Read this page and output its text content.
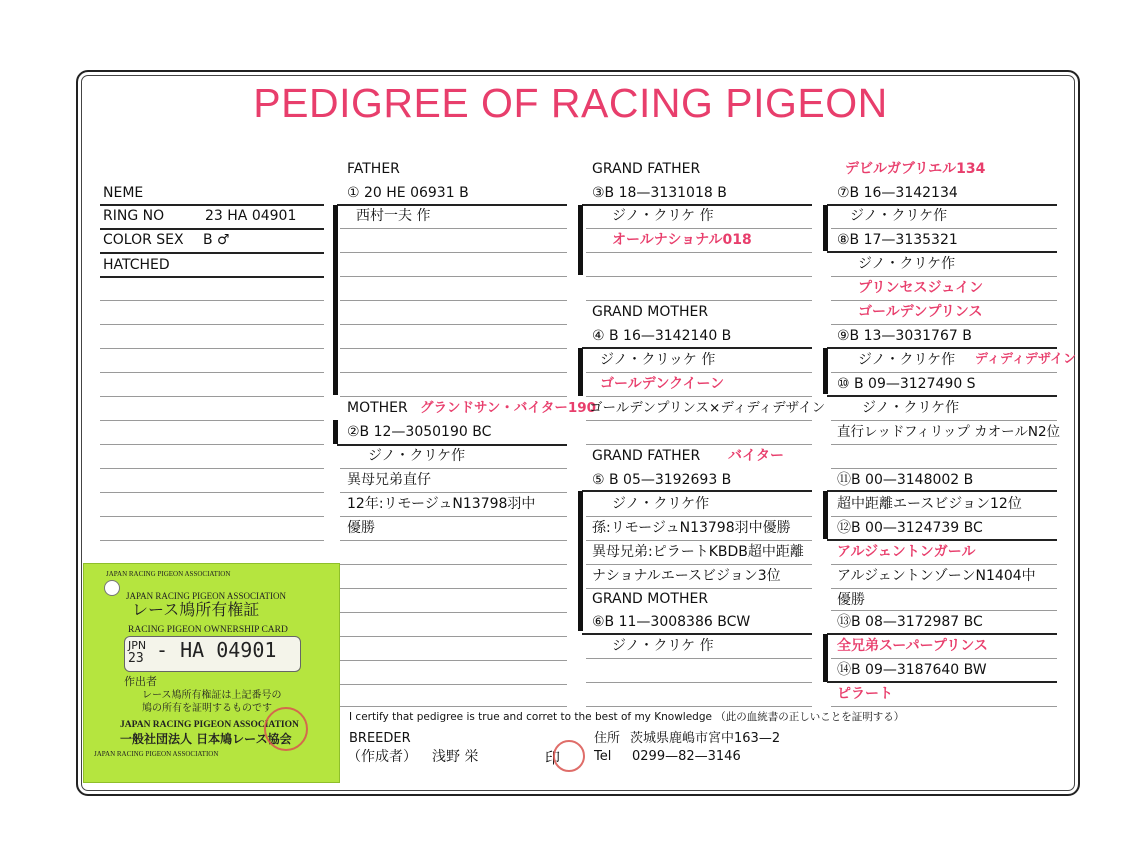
PEDIGREE OF RACING PIGEON
NEME
RING NO	23 HA 04901
COLOR SEX B ♂
HATCHED
FATHER
① 20 HE 06931 B
西村一夫 作
MOTHER グランドサン・バイター190
②B 12—3050190 BC
ジノ・クリケ作
異母兄弟直仔
12年:リモージュN13798羽中
優勝
GRAND FATHER
③B 18—3131018 B
ジノ・クリケ 作
オールナショナル018
GRAND MOTHER
④ B 16—3142140 B
ジノ・クリッケ 作
ゴールデンクイーン
ゴールデンプリンス×ディディデザイン
GRAND FATHER バイター
⑤ B 05—3192693 B
ジノ・クリケ作
孫:リモージュN13798羽中優勝
異母兄弟:ピラートKBDB超中距離
ナショナルエースビジョン3位
GRAND MOTHER
⑥B 11—3008386 BCW
ジノ・クリケ 作
デビルガブリエル134
⑦B 16—3142134
ジノ・クリケ作
⑧B 17—3135321
ジノ・クリケ作
プリンセスジュイン
ゴールデンプリンス
⑨B 13—3031767 B
ジノ・クリケ作 ディディデザイン
⑩ B 09—3127490 S
ジノ・クリケ作
直行レッドフィリップ カオールN2位
⑪B 00—3148002 B
超中距離エースビジョン12位
⑫B 00—3124739 BC
アルジェントンガール
アルジェントンゾーンN1404中
優勝
⑬B 08—3172987 BC
全兄弟スーパープリンス
⑭B 09—3187640 BW
ピラート
I certify that pedigree is true and corret to the best of my Knowledge （此の血統書の正しいことを証明する）
BREEDER
（作成者） 浅野 栄	印
住所 茨城県鹿嶋市宮中163—2
Tel 0299—82—3146
JAPAN RACING PIGEON ASSOCIATION
JAPAN RACING PIGEON ASSOCIATION
レース鳩所有権証
RACING PIGEON OWNERSHIP CARD
JPN
23 - HA 04901
作出者
レース鳩所有権証は上記番号の
鳩の所有を証明するものです
JAPAN RACING PIGEON ASSOCIATION
一般社団法人 日本鳩レース協会
JAPAN RACING PIGEON ASSOCIATION
